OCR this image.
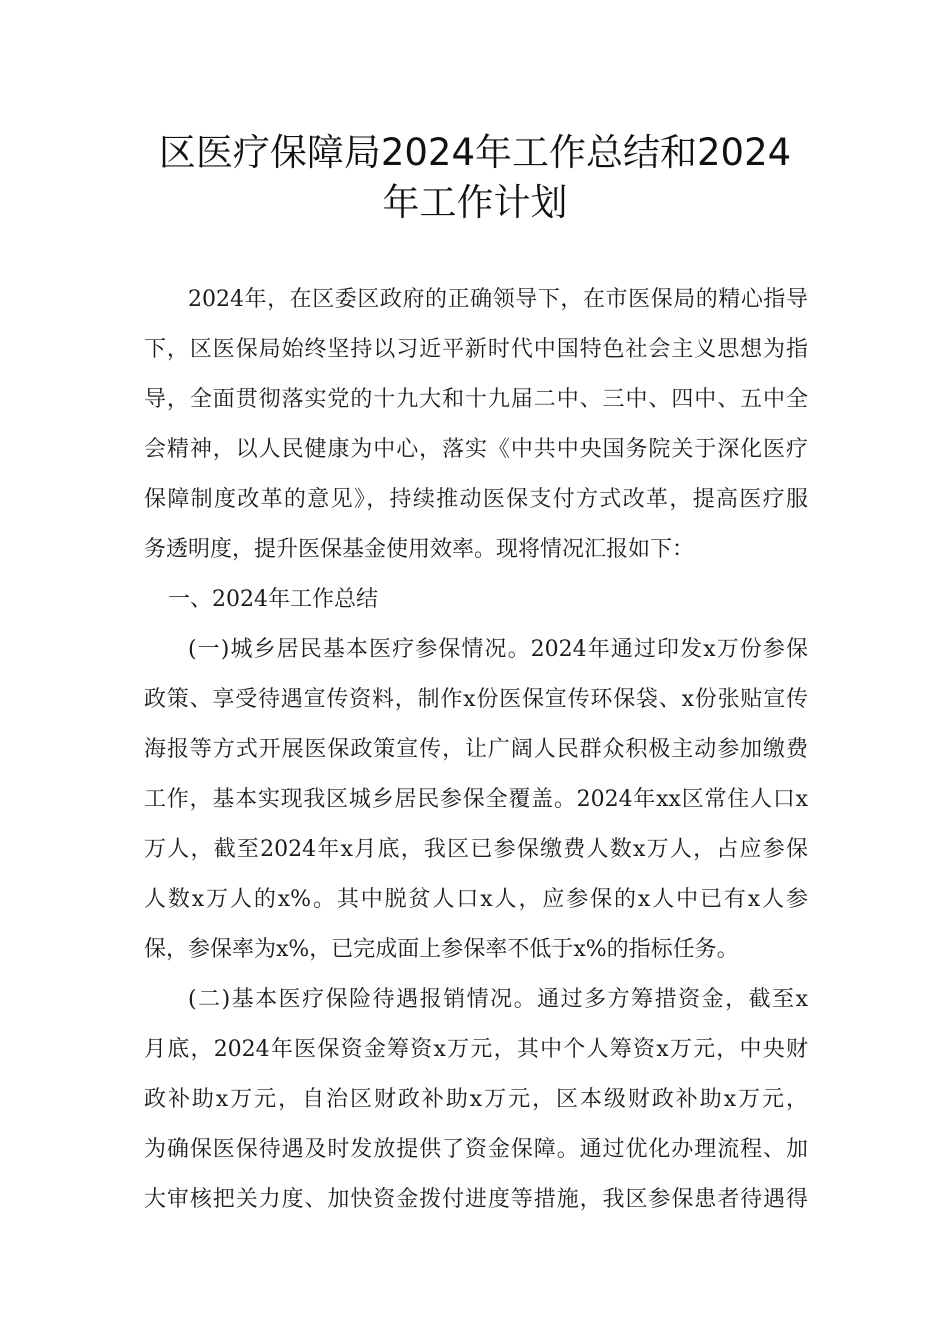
区医疗保障局2024年工作总结和2024
年工作计划

2024年，在区委区政府的正确领导下，在市医保局的精心指导

下，区医保局始终坚持以习近平新时代中国特色社会主义思想为指

导，全面贯彻落实党的十九大和十九届二中、三中、四中、五中全

会精神，以人民健康为中心，落实《中共中央国务院关于深化医疗

保障制度改革的意见》，持续推动医保支付方式改革，提高医疗服

务透明度，提升医保基金使用效率。现将情况汇报如下：

一、2024年工作总结

(一)城乡居民基本医疗参保情况。2024年通过印发x万份参保

政策、享受待遇宣传资料，制作x份医保宣传环保袋、x份张贴宣传

海报等方式开展医保政策宣传，让广阔人民群众积极主动参加缴费

工作，基本实现我区城乡居民参保全覆盖。2024年xx区常住人口x

万人，截至2024年x月底，我区已参保缴费人数x万人，占应参保

人数x万人的x%。其中脱贫人口x人，应参保的x人中已有x人参

保，参保率为x%，已完成面上参保率不低于x%的指标任务。

(二)基本医疗保险待遇报销情况。通过多方筹措资金，截至x

月底，2024年医保资金筹资x万元，其中个人筹资x万元，中央财

政补助x万元，自治区财政补助x万元，区本级财政补助x万元，

为确保医保待遇及时发放提供了资金保障。通过优化办理流程、加

大审核把关力度、加快资金拨付进度等措施，我区参保患者待遇得
